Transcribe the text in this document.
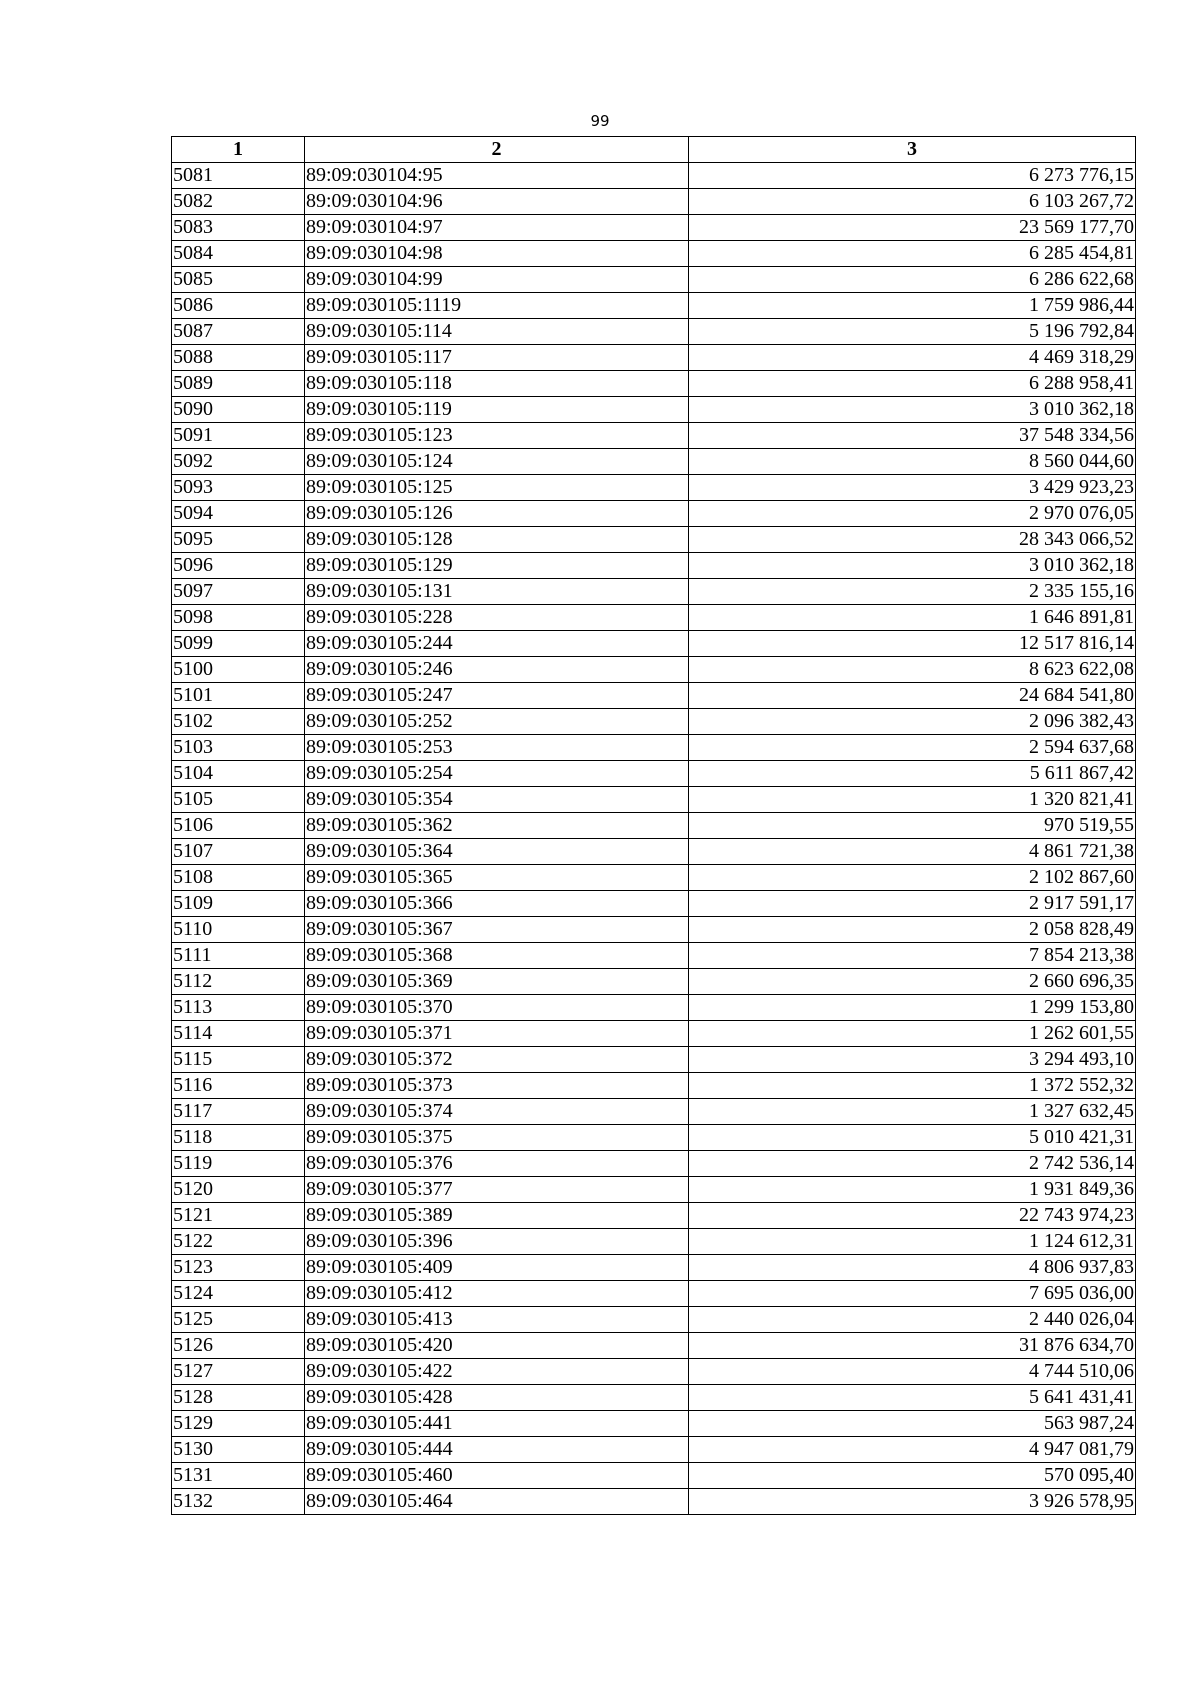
99
1	2	3
5081	89:09:030104:95	6 273 776,15
5082	89:09:030104:96	6 103 267,72
5083	89:09:030104:97	23 569 177,70
5084	89:09:030104:98	6 285 454,81
5085	89:09:030104:99	6 286 622,68
5086	89:09:030105:1119	1 759 986,44
5087	89:09:030105:114	5 196 792,84
5088	89:09:030105:117	4 469 318,29
5089	89:09:030105:118	6 288 958,41
5090	89:09:030105:119	3 010 362,18
5091	89:09:030105:123	37 548 334,56
5092	89:09:030105:124	8 560 044,60
5093	89:09:030105:125	3 429 923,23
5094	89:09:030105:126	2 970 076,05
5095	89:09:030105:128	28 343 066,52
5096	89:09:030105:129	3 010 362,18
5097	89:09:030105:131	2 335 155,16
5098	89:09:030105:228	1 646 891,81
5099	89:09:030105:244	12 517 816,14
5100	89:09:030105:246	8 623 622,08
5101	89:09:030105:247	24 684 541,80
5102	89:09:030105:252	2 096 382,43
5103	89:09:030105:253	2 594 637,68
5104	89:09:030105:254	5 611 867,42
5105	89:09:030105:354	1 320 821,41
5106	89:09:030105:362	970 519,55
5107	89:09:030105:364	4 861 721,38
5108	89:09:030105:365	2 102 867,60
5109	89:09:030105:366	2 917 591,17
5110	89:09:030105:367	2 058 828,49
5111	89:09:030105:368	7 854 213,38
5112	89:09:030105:369	2 660 696,35
5113	89:09:030105:370	1 299 153,80
5114	89:09:030105:371	1 262 601,55
5115	89:09:030105:372	3 294 493,10
5116	89:09:030105:373	1 372 552,32
5117	89:09:030105:374	1 327 632,45
5118	89:09:030105:375	5 010 421,31
5119	89:09:030105:376	2 742 536,14
5120	89:09:030105:377	1 931 849,36
5121	89:09:030105:389	22 743 974,23
5122	89:09:030105:396	1 124 612,31
5123	89:09:030105:409	4 806 937,83
5124	89:09:030105:412	7 695 036,00
5125	89:09:030105:413	2 440 026,04
5126	89:09:030105:420	31 876 634,70
5127	89:09:030105:422	4 744 510,06
5128	89:09:030105:428	5 641 431,41
5129	89:09:030105:441	563 987,24
5130	89:09:030105:444	4 947 081,79
5131	89:09:030105:460	570 095,40
5132	89:09:030105:464	3 926 578,95
